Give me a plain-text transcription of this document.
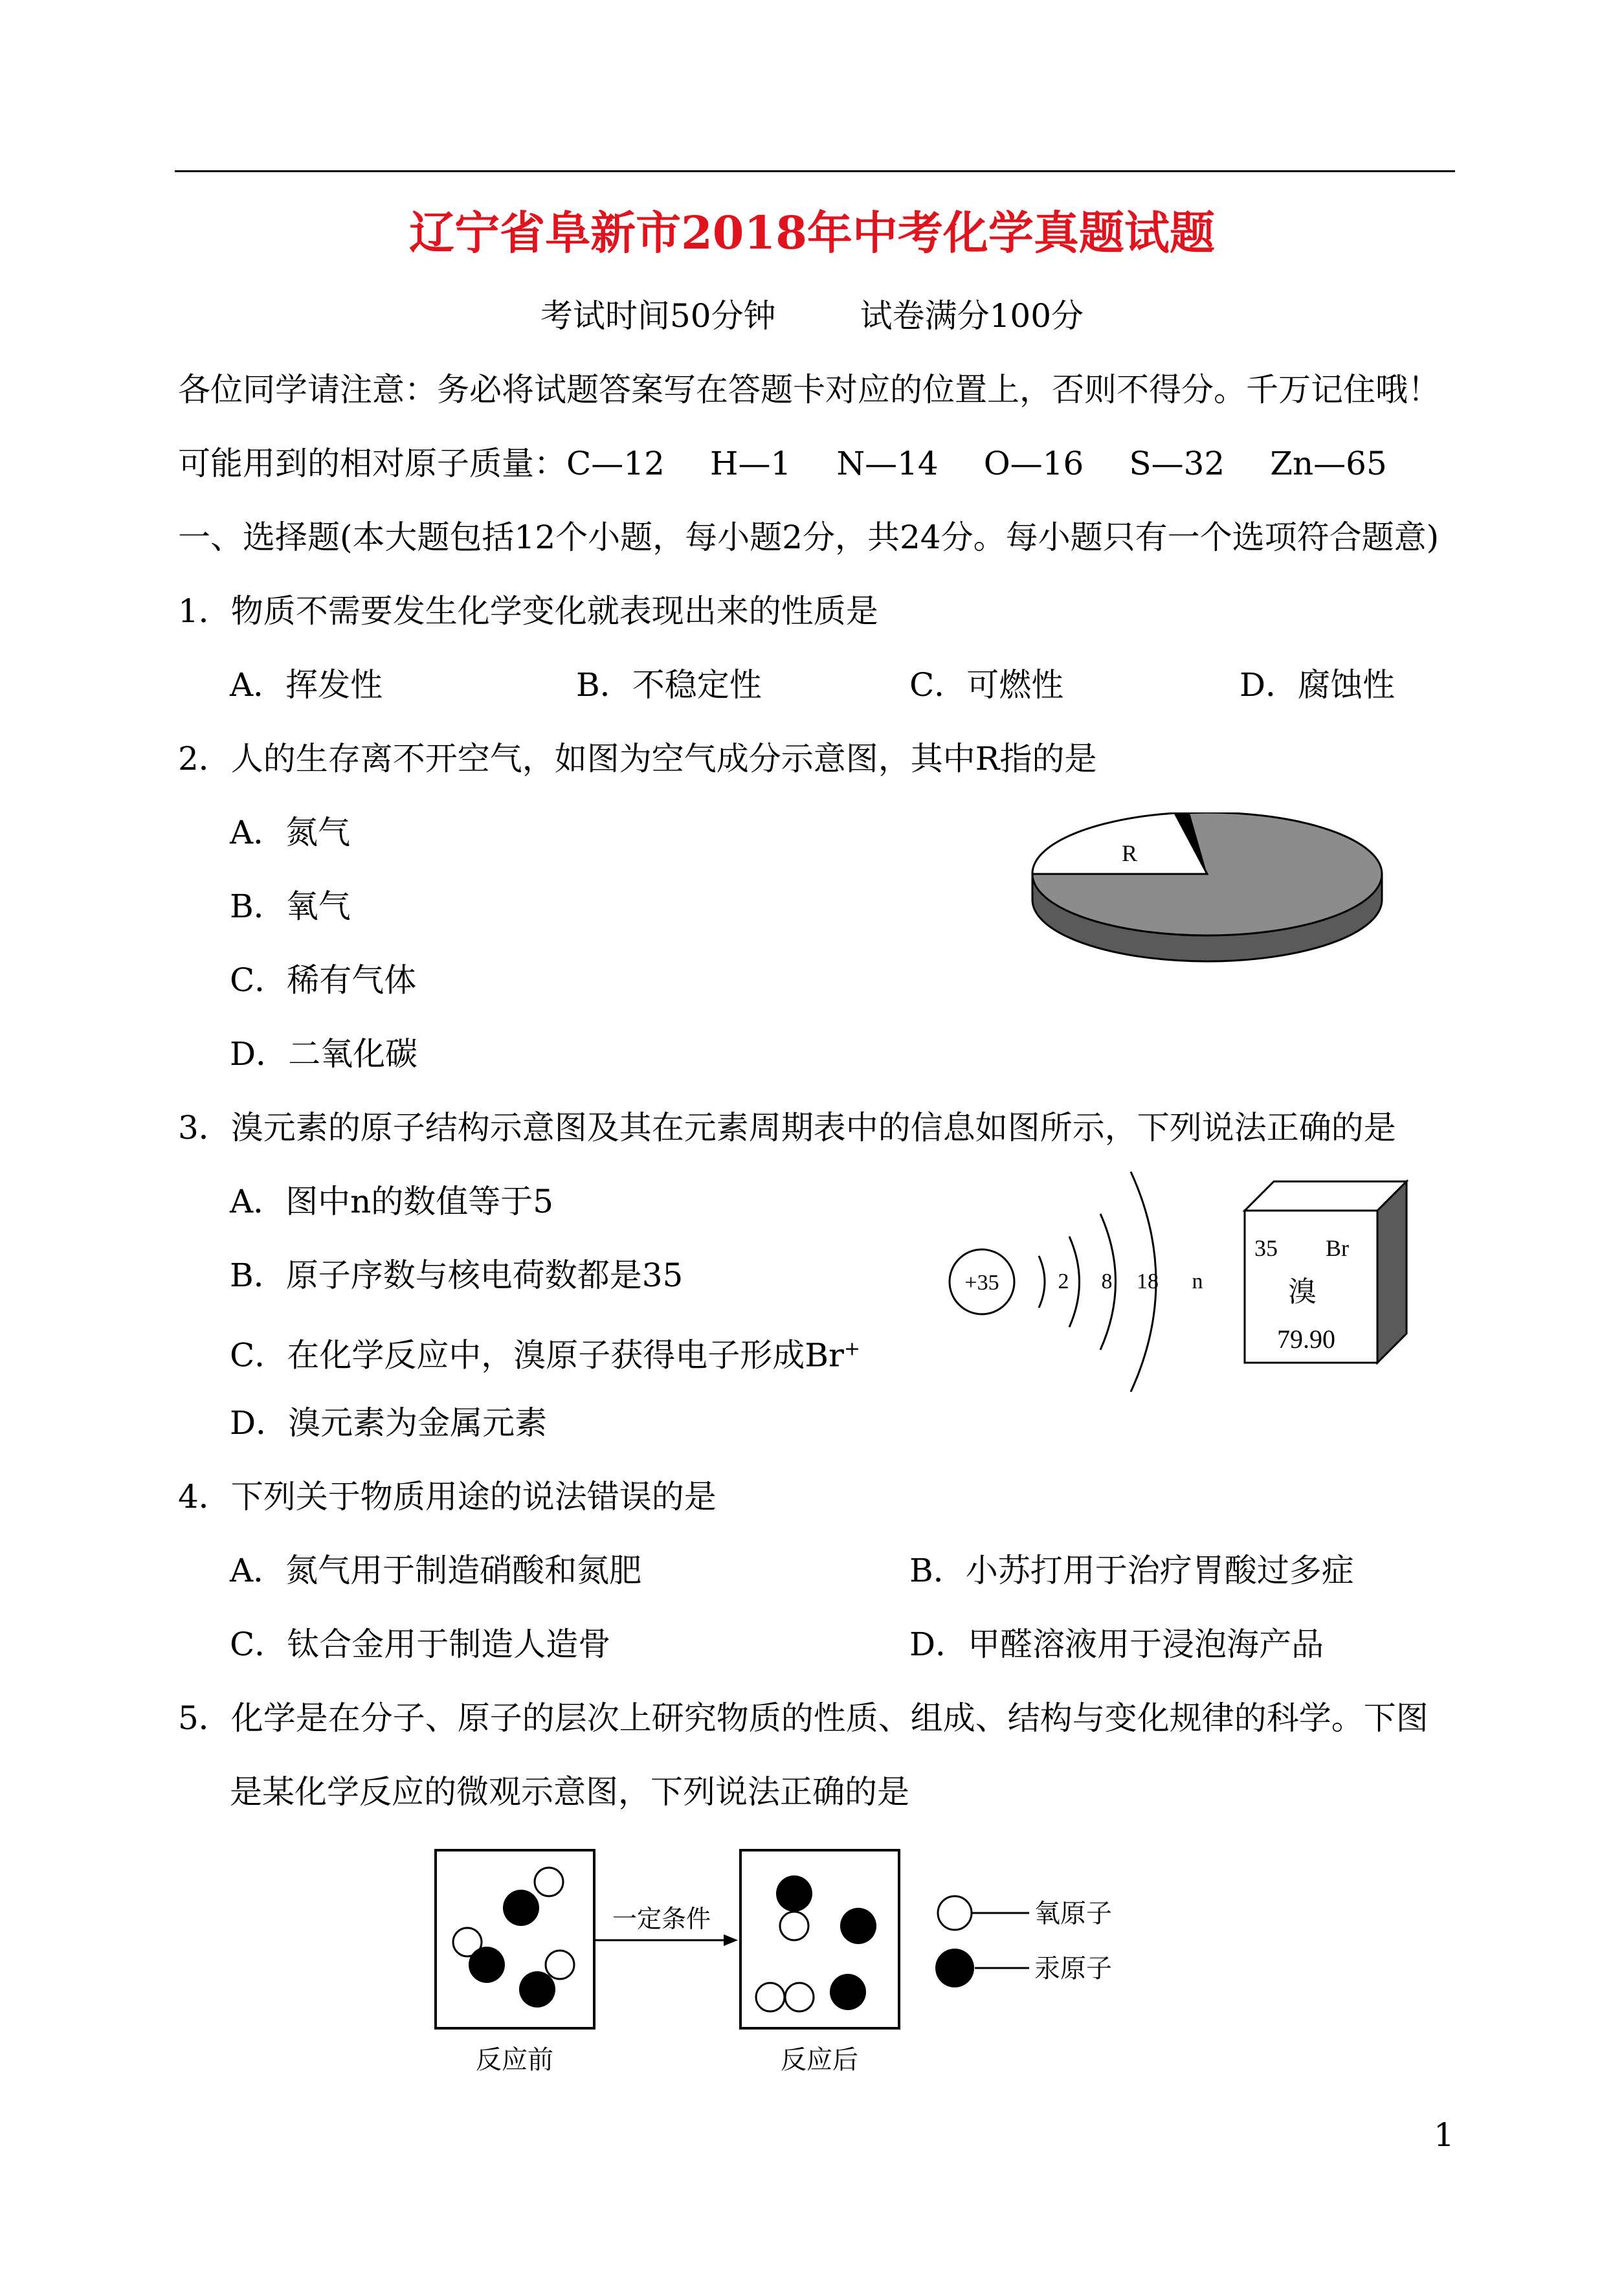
辽宁省阜新市2018年中考化学真题试题
考试时间50分钟	试卷满分100分
各位同学请注意：务必将试题答案写在答题卡对应的位置上，否则不得分。千万记住哦！
可能用到的相对原子质量：C—12 H—1 N—14 O—16 S—32 Zn—65
一、选择题(本大题包括12个小题，每小题2分，共24分。每小题只有一个选项符合题意)
1．物质不需要发生化学变化就表现出来的性质是
A．挥发性	B．不稳定性	C．可燃性	D．腐蚀性
2．人的生存离不开空气，如图为空气成分示意图，其中R指的是
A．氮气
B．氧气
C．稀有气体
D．二氧化碳
R
3．溴元素的原子结构示意图及其在元素周期表中的信息如图所示，下列说法正确的是
A．图中n的数值等于5
B．原子序数与核电荷数都是35
C．在化学反应中，溴原子获得电子形成Br+
D．溴元素为金属元素
+35	2 8 18 n
35 Br
溴
79.90
4．下列关于物质用途的说法错误的是
A．氮气用于制造硝酸和氮肥	B．小苏打用于治疗胃酸过多症
C．钛合金用于制造人造骨	D．甲醛溶液用于浸泡海产品
5．化学是在分子、原子的层次上研究物质的性质、组成、结构与变化规律的科学。下图
是某化学反应的微观示意图，下列说法正确的是
一定条件
反应前	反应后
氧原子
汞原子
1
